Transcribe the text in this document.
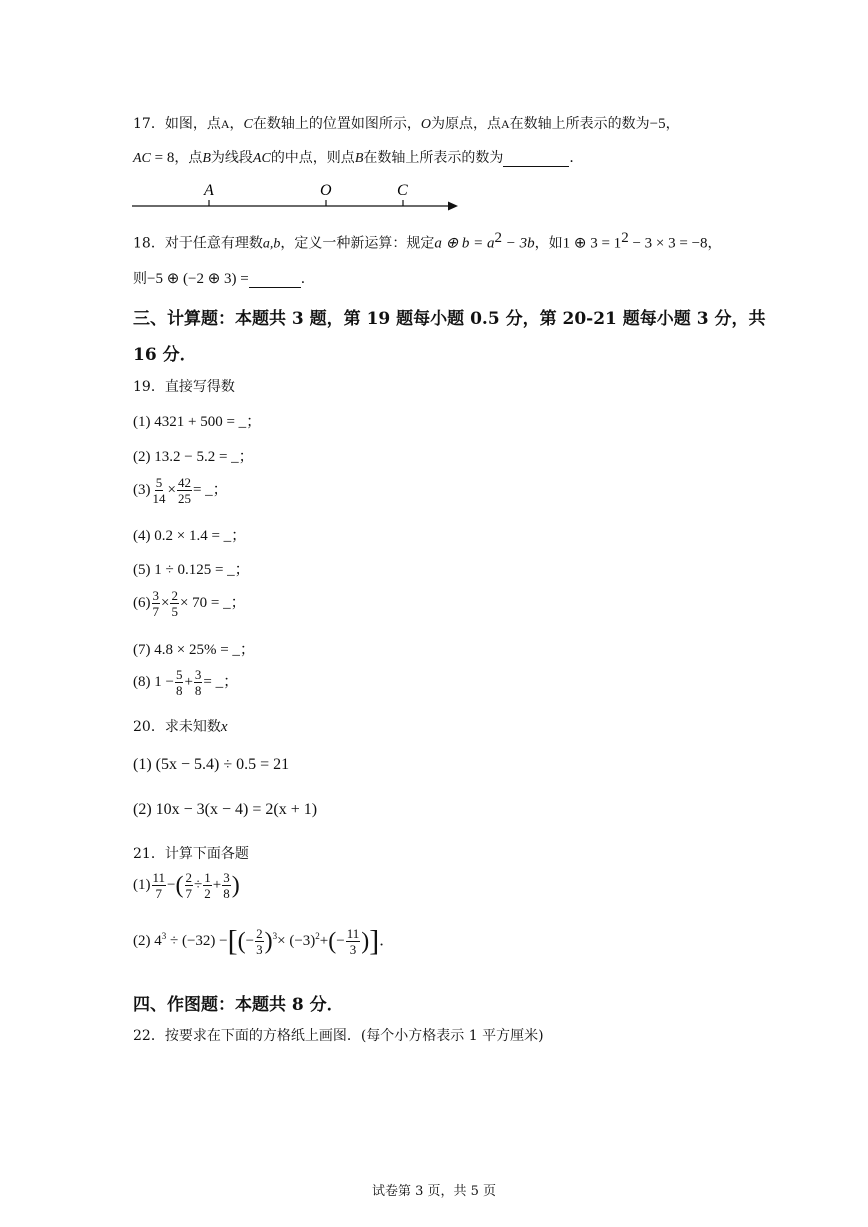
17．如图，点A，C在数轴上的位置如图所示，O为原点，点A在数轴上所表示的数为−5，
AC = 8，点B为线段AC的中点，则点B在数轴上所表示的数为	．
A	O	C
18．对于任意有理数a,b，定义一种新运算：规定a ⊕ $b = a^2 - 3b$，如1 ⊕ $3 = 1^2 - 3 \times 3 = -8$，
则−5 ⊕ (−2 ⊕ 3) =	．
三、计算题：本题共 3 题，第 19 题每小题 0.5 分，第 20-21 题每小题 3 分，共
16 分．
19．直接写得数
(1) 4321 + 500 = _；
(2) 13.2 − 5.2 = _；
$(3) \frac{5}{14} \times \frac{42}{25}$ = _；
(4) 0.2 × 1.4 = _；
(5) 1 ÷ 0.125 = _；
$(6) \frac{3}{7} \times \frac{2}{5} \times 70$ = _；
(7) 4.8 × 25% = _；
(8) $1 - \frac{5}{8} + \frac{3}{8}$ = _；
20．求未知数x
(1) (5x − 5.4) ÷ 0.5 = 21
(2) 10x − 3(x − 4) = 2(x + 1)
21．计算下面各题
$(1) \frac{11}{7}$ −( $\frac{2}{7} \div \frac{1}{2} + \frac{3}{8}$ )
(2) $4^3 \div (-32)$ −[(− $\frac{2}{3} )^3\times (-3)^2+(- \frac{11}{3}$ )]．
四、作图题：本题共 8 分．
22．按要求在下面的方格纸上画图．(每个小方格表示 1 平方厘米)
试卷第 3 页，共 5 页
